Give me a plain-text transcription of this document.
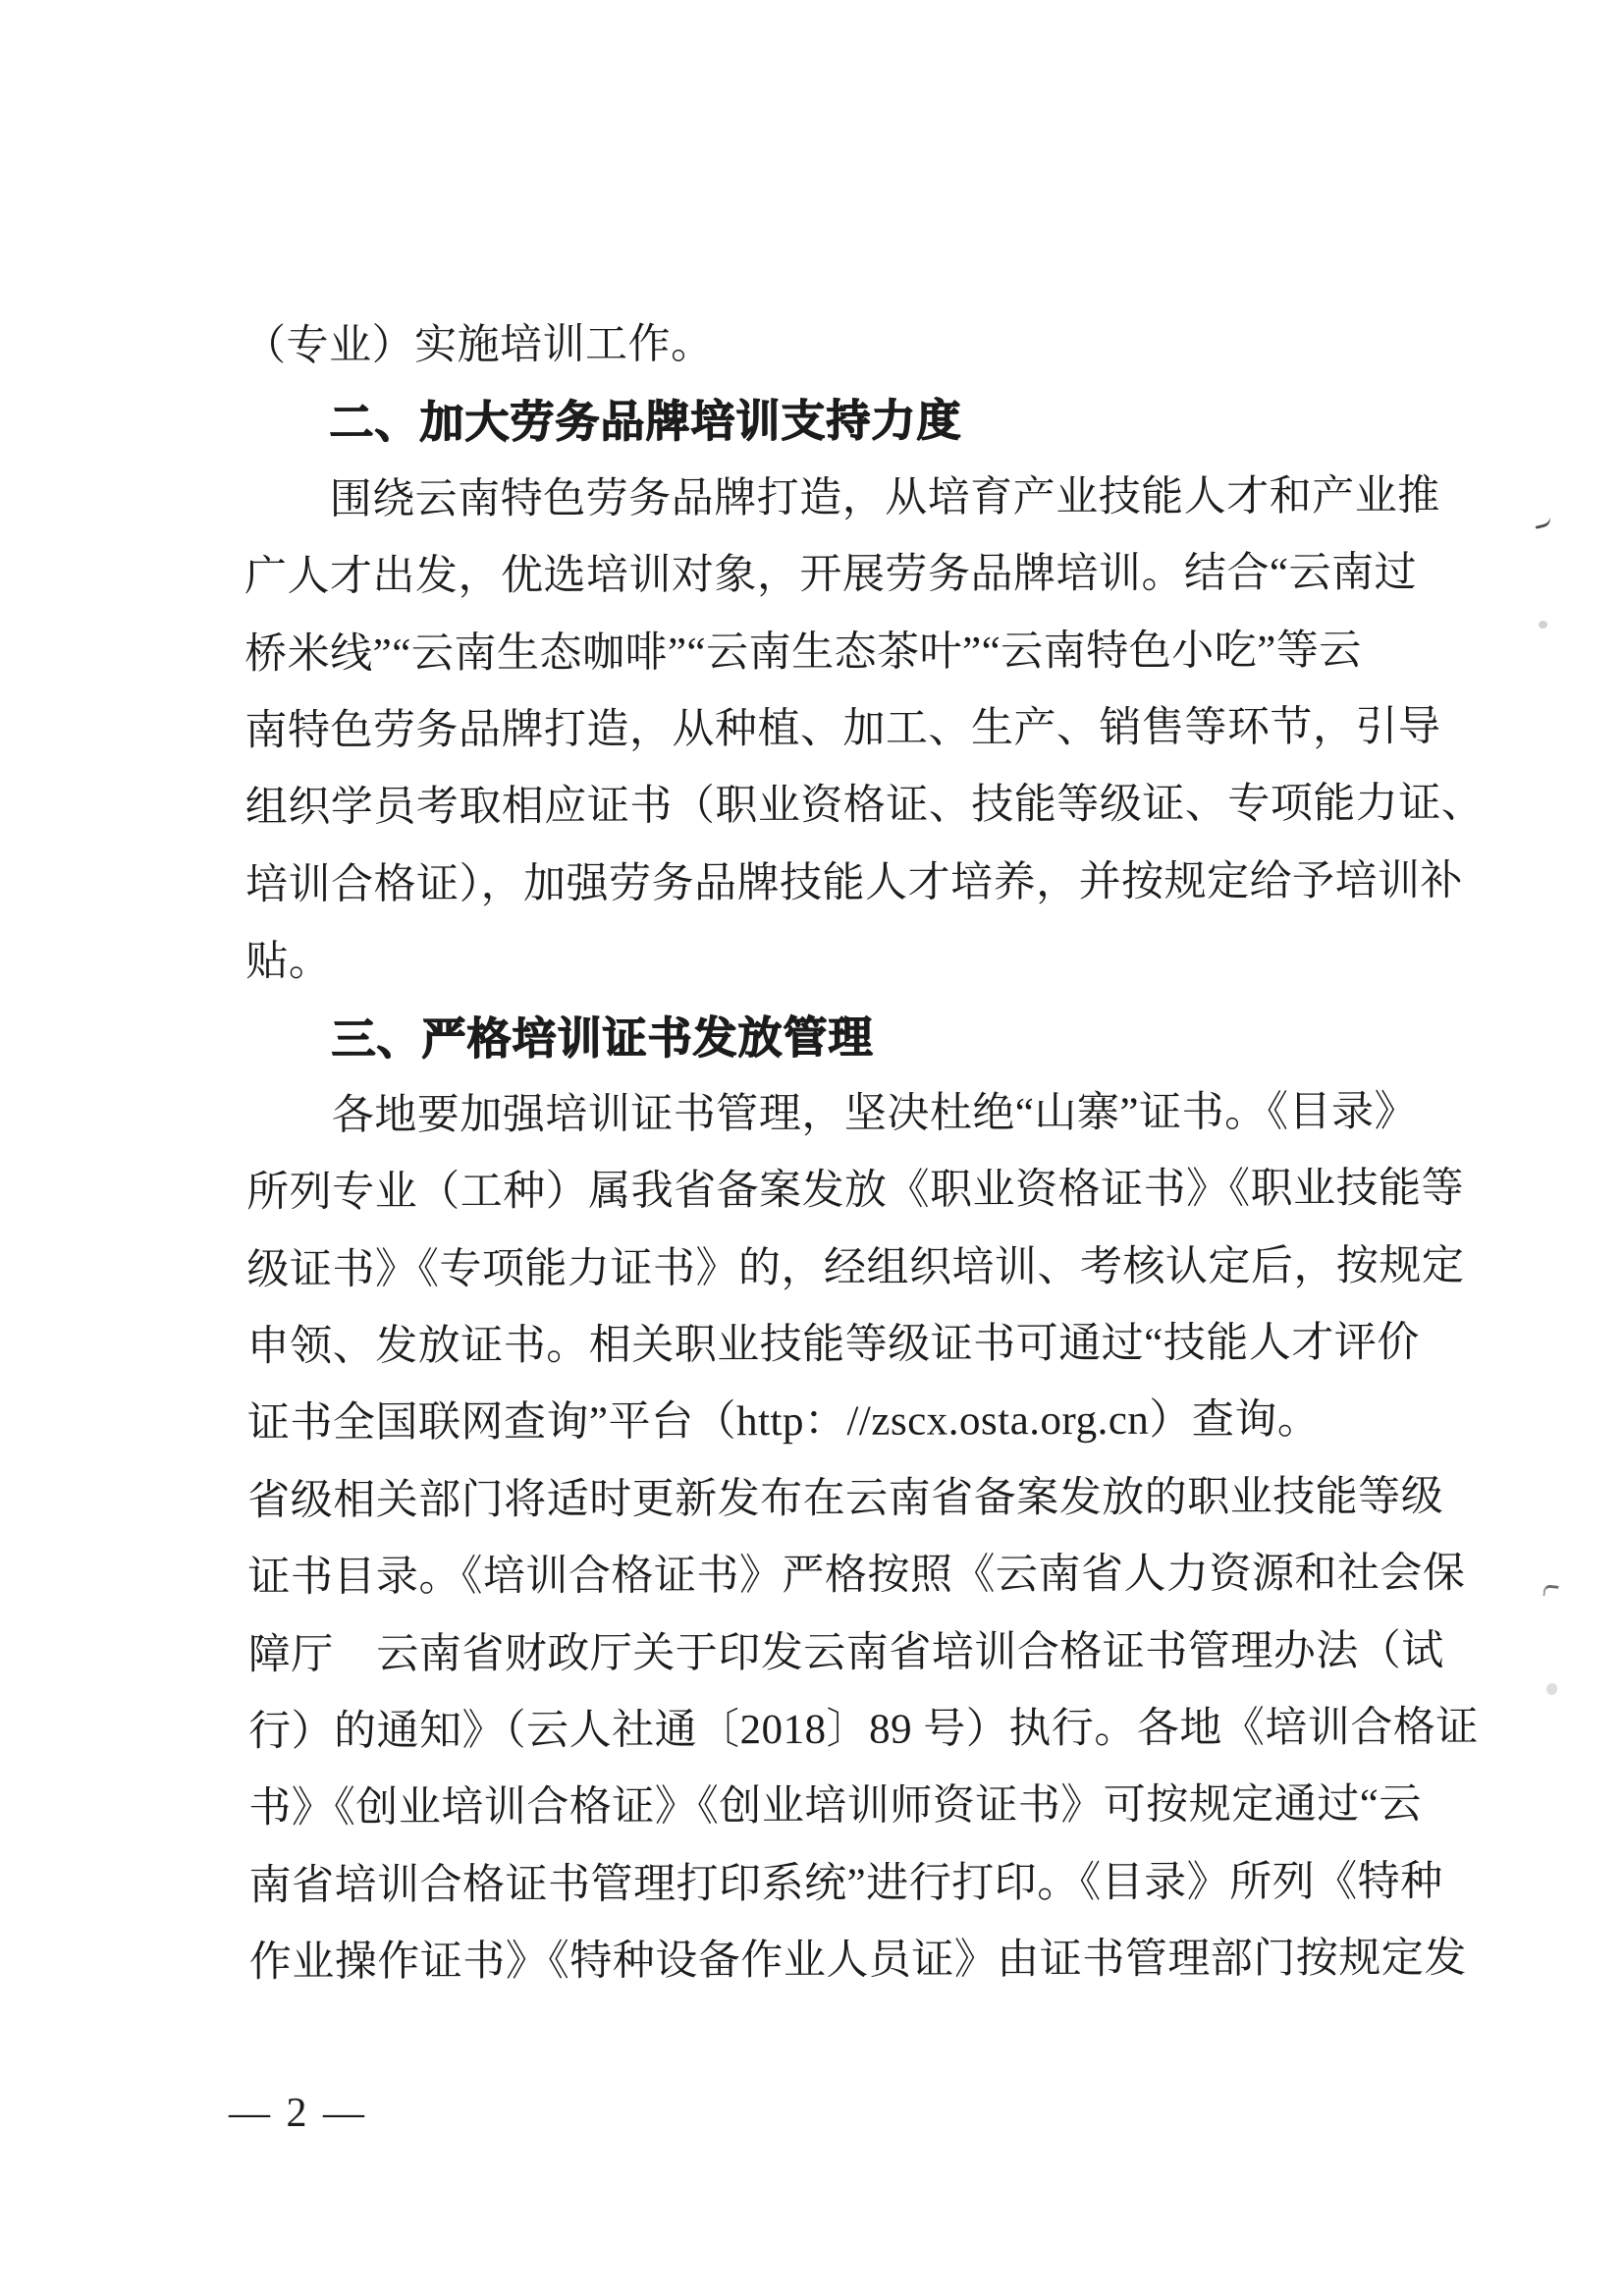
（专业）实施培训工作。
二、加大劳务品牌培训支持力度
围绕云南特色劳务品牌打造，从培育产业技能人才和产业推
广人才出发，优选培训对象，开展劳务品牌培训。结合“云南过
桥米线”“云南生态咖啡”“云南生态茶叶”“云南特色小吃”等云
南特色劳务品牌打造，从种植、加工、生产、销售等环节，引导
组织学员考取相应证书（职业资格证、技能等级证、专项能力证、
培训合格证），加强劳务品牌技能人才培养，并按规定给予培训补
贴。
三、严格培训证书发放管理
各地要加强培训证书管理，坚决杜绝“山寨”证书。《目录》
所列专业（工种）属我省备案发放《职业资格证书》《职业技能等
级证书》《专项能力证书》的，经组织培训、考核认定后，按规定
申领、发放证书。相关职业技能等级证书可通过“技能人才评价
证书全国联网查询”平台（http：//zscx.osta.org.cn）查询。
省级相关部门将适时更新发布在云南省备案发放的职业技能等级
证书目录。《培训合格证书》严格按照《云南省人力资源和社会保
障厅　云南省财政厅关于印发云南省培训合格证书管理办法（试
行）的通知》（云人社通〔2018〕89 号）执行。各地《培训合格证
书》《创业培训合格证》《创业培训师资证书》可按规定通过“云
南省培训合格证书管理打印系统”进行打印。《目录》所列《特种
作业操作证书》《特种设备作业人员证》由证书管理部门按规定发
— 2 —
